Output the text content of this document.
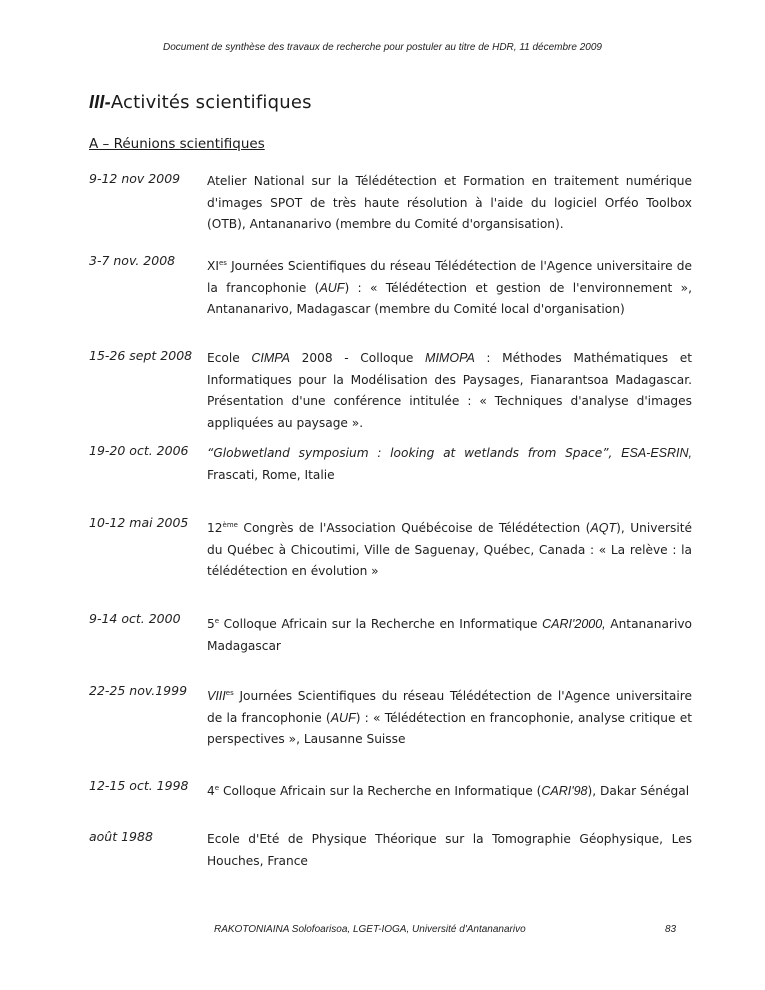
Document de synthèse des travaux de recherche pour postuler au titre de HDR, 11 décembre 2009
III-Activités scientifiques
A – Réunions scientifiques
9-12 nov 2009	Atelier National sur la Télédétection et Formation en traitement numérique d'images SPOT de très haute résolution à l'aide du logiciel Orféo Toolbox (OTB), Antananarivo (membre du Comité d'organsisation).
3-7 nov. 2008	$XI^{es}$ Journées Scientifiques du réseau Télédétection de l'Agence universitaire de la francophonie (AUF) : « Télédétection et gestion de l'environnement », Antananarivo, Madagascar (membre du Comité local d'organisation)
15-26 sept 2008	Ecole CIMPA 2008 - Colloque MIMOPA : Méthodes Mathématiques et Informatiques pour la Modélisation des Paysages, Fianarantsoa Madagascar. Présentation d'une conférence intitulée : « Techniques d'analyse d'images appliquées au paysage ».
19-20 oct. 2006	“Globwetland symposium : looking at wetlands from Space”, ESA-ESRIN, Frascati, Rome, Italie
10-12 mai 2005	12ème Congrès de l'Association Québécoise de Télédétection (AQT), Université du Québec à Chicoutimi, Ville de Saguenay, Québec, Canada : « La relève : la télédétection en évolution »
9-14 oct. 2000	5e Colloque Africain sur la Recherche en Informatique CARI'2000, Antananarivo Madagascar
22-25 nov.1999	$VIII^{es}$ Journées Scientifiques du réseau Télédétection de l'Agence universitaire de la francophonie (AUF) : « Télédétection en francophonie, analyse critique et perspectives », Lausanne Suisse
12-15 oct. 1998	4e Colloque Africain sur la Recherche en Informatique (CARI'98), Dakar Sénégal
août 1988	Ecole d'Eté de Physique Théorique sur la Tomographie Géophysique, Les Houches, France
RAKOTONIAINA Solofoarisoa, LGET-IOGA, Université d'Antananarivo	83
